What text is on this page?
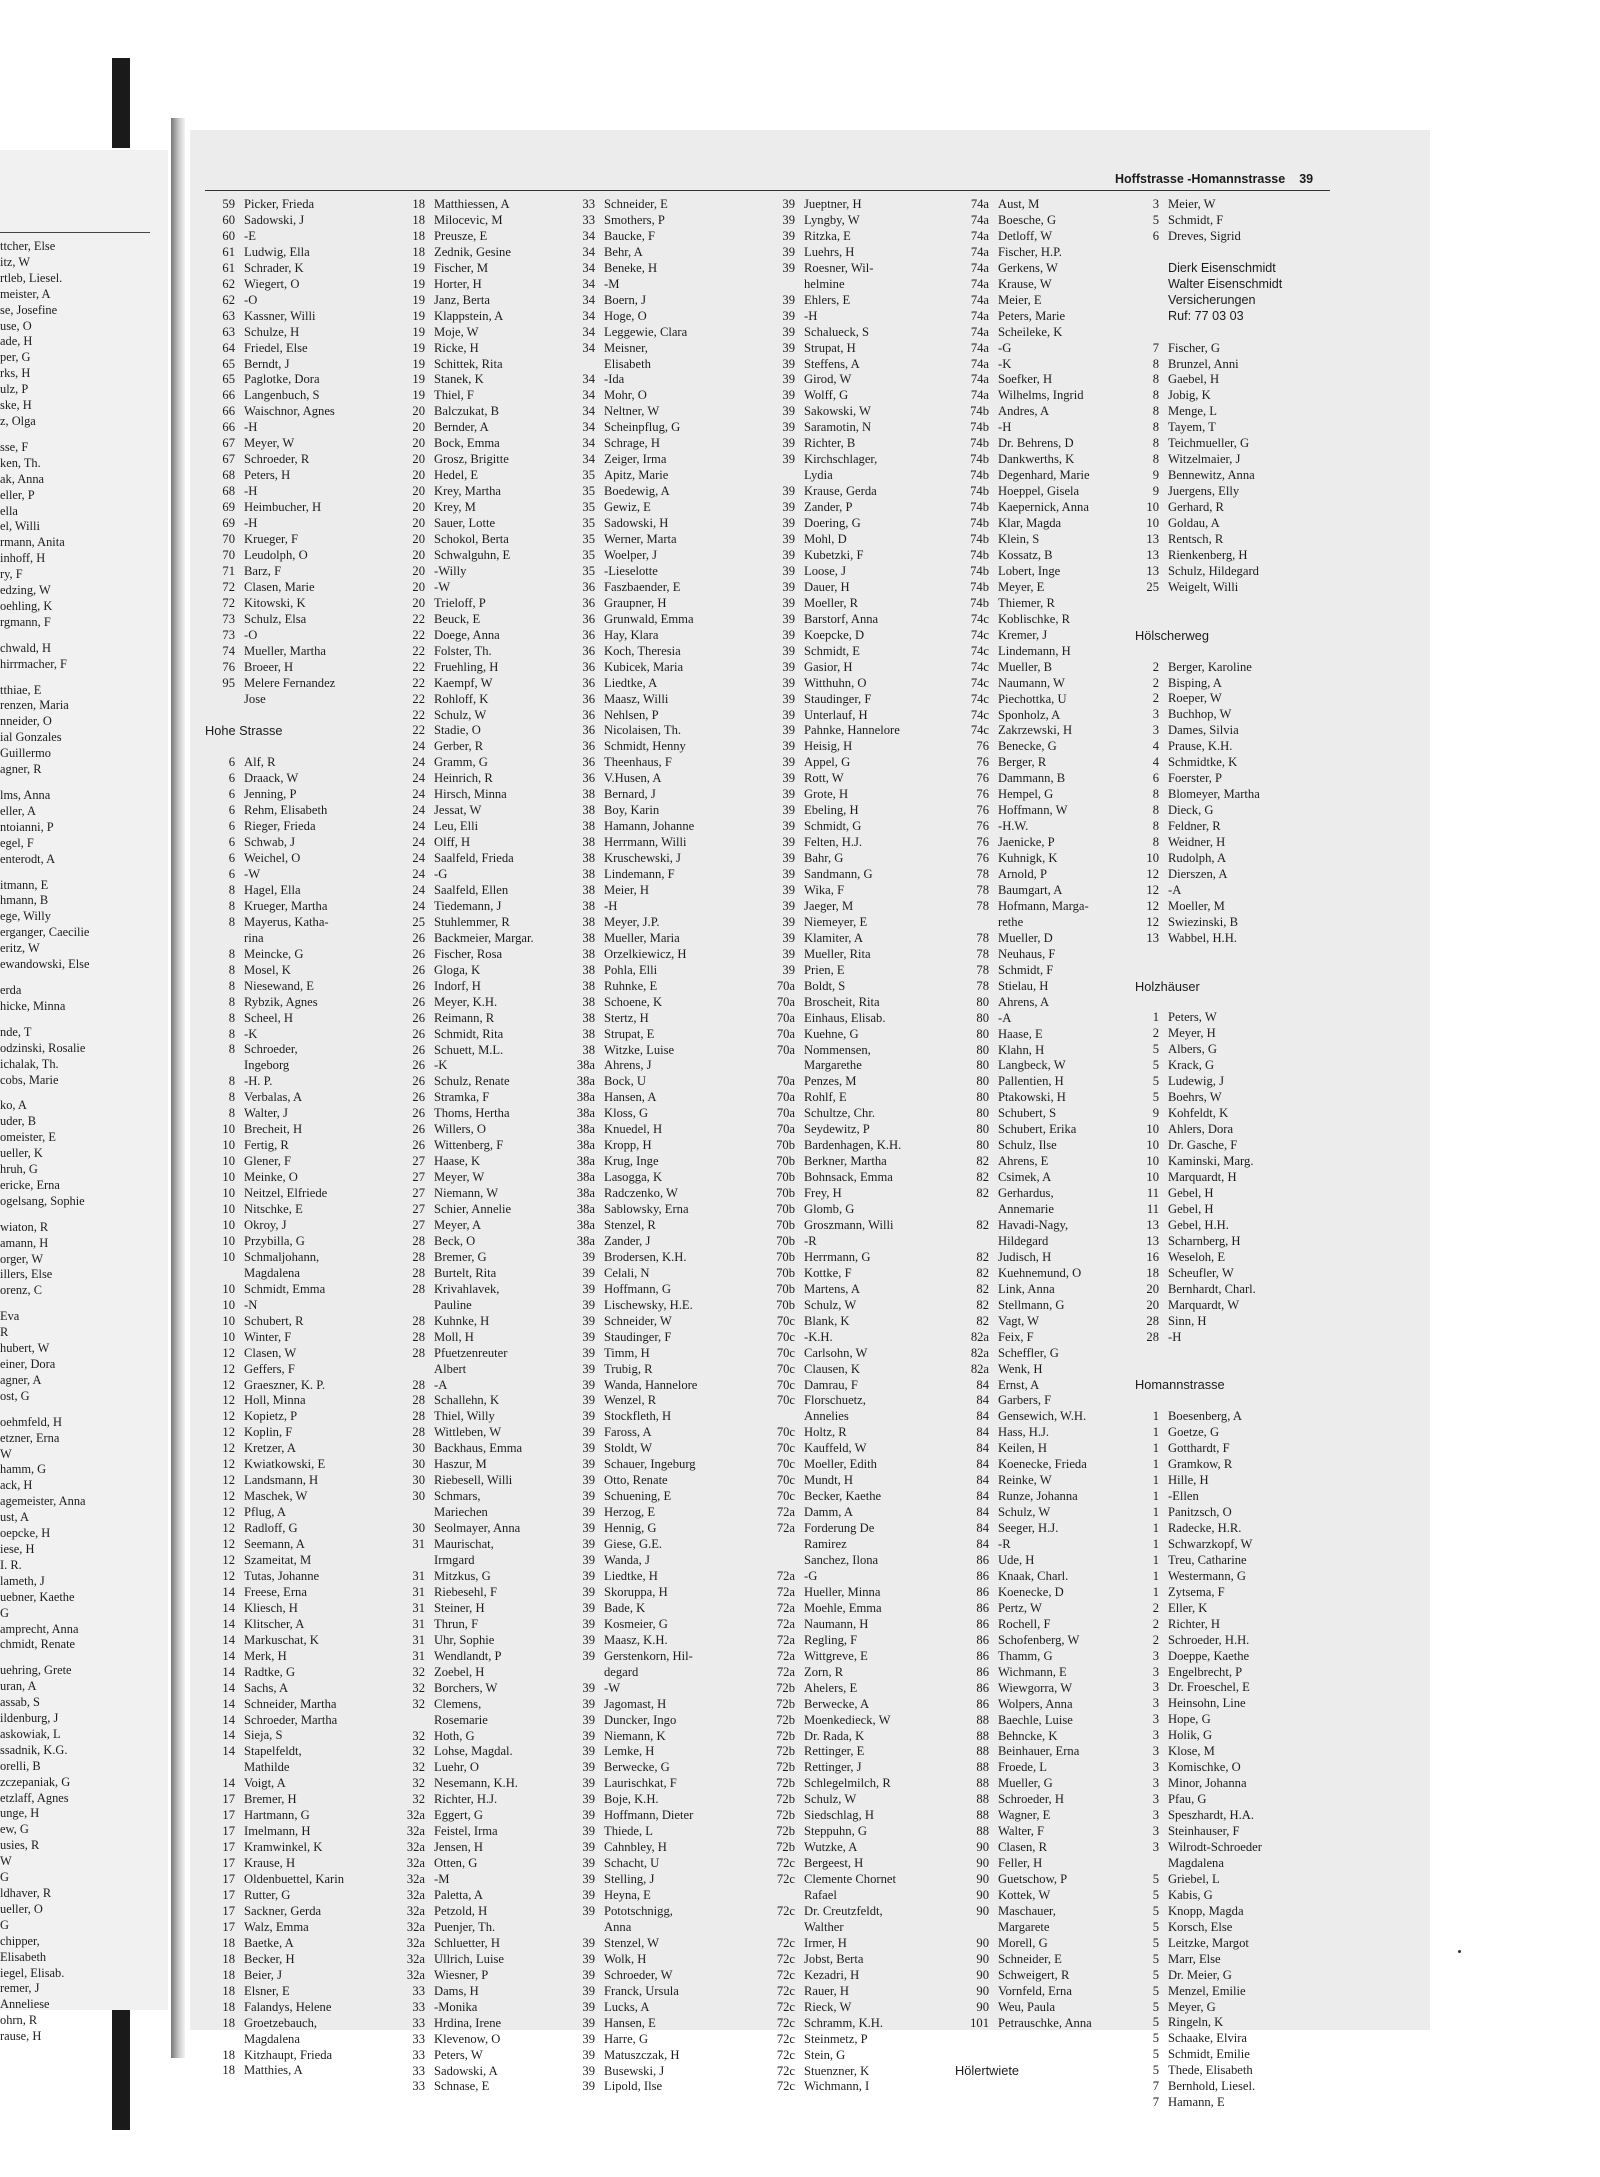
ttcher, Else
itz, W
rtleb, Liesel.
meister, A
se, Josefine
use, O
ade, H
per, G
rks, H
ulz, P
ske, H
z, Olga
sse, F
ken, Th.
ak, Anna
eller, P
ella
el, Willi
rmann, Anita
inhoff, H
ry, F
edzing, W
oehling, K
rgmann, F
chwald, H
hirrmacher, F
tthiae, E
renzen, Maria
nneider, O
ial Gonzales
Guillermo
agner, R
lms, Anna
eller, A
ntoianni, P
egel, F
enterodt, A
itmann, E
hmann, B
ege, Willy
erganger, Caecilie
eritz, W
ewandowski, Else
erda
hicke, Minna
nde, T
odzinski, Rosalie
ichalak, Th.
cobs, Marie
ko, A
uder, B
omeister, E
ueller, K
hruh, G
ericke, Erna
ogelsang, Sophie
wiaton, R
amann, H
orger, W
illers, Else
orenz, C
Eva
R
hubert, W
einer, Dora
agner, A
ost, G
oehmfeld, H
etzner, Erna
W
hamm, G
ack, H
agemeister, Anna
ust, A
oepcke, H
iese, H
I. R.
lameth, J
uebner, Kaethe
G
amprecht, Anna
chmidt, Renate
uehring, Grete
uran, A
assab, S
ildenburg, J
askowiak, L
ssadnik, K.G.
orelli, B
zczepaniak, G
etzlaff, Agnes
unge, H
ew, G
usies, R
W
G
ldhaver, R
ueller, O
G
chipper,
Elisabeth
iegel, Elisab.
remer, J
Anneliese
ohrn, R
rause, H
Hoffstrasse -Homannstrasse 39
59 Picker, Frieda
60 Sadowski, J
60 -E
61 Ludwig, Ella
61 Schrader, K
62 Wiegert, O
62 -O
63 Kassner, Willi
63 Schulze, H
64 Friedel, Else
65 Berndt, J
65 Paglotke, Dora
66 Langenbuch, S
66 Waischnor, Agnes
66 -H
67 Meyer, W
67 Schroeder, R
68 Peters, H
68 -H
69 Heimbucher, H
69 -H
70 Krueger, F
70 Leudolph, O
71 Barz, F
72 Clasen, Marie
72 Kitowski, K
73 Schulz, Elsa
73 -O
74 Mueller, Martha
76 Broeer, H
95 Melere Fernandez
Jose
Hohe Strasse
6 Alf, R
6 Draack, W
6 Jenning, P
6 Rehm, Elisabeth
6 Rieger, Frieda
6 Schwab, J
6 Weichel, O
6 -W
8 Hagel, Ella
8 Krueger, Martha
8 Mayerus, Katha-
rina
8 Meincke, G
8 Mosel, K
8 Niesewand, E
8 Rybzik, Agnes
8 Scheel, H
8 -K
8 Schroeder,
Ingeborg
8 -H. P.
8 Verbalas, A
8 Walter, J
10 Brecheit, H
10 Fertig, R
10 Glener, F
10 Meinke, O
10 Neitzel, Elfriede
10 Nitschke, E
10 Okroy, J
10 Przybilla, G
10 Schmaljohann,
Magdalena
10 Schmidt, Emma
10 -N
10 Schubert, R
10 Winter, F
12 Clasen, W
12 Geffers, F
12 Graeszner, K. P.
12 Holl, Minna
12 Kopietz, P
12 Koplin, F
12 Kretzer, A
12 Kwiatkowski, E
12 Landsmann, H
12 Maschek, W
12 Pflug, A
12 Radloff, G
12 Seemann, A
12 Szameitat, M
12 Tutas, Johanne
14 Freese, Erna
14 Kliesch, H
14 Klitscher, A
14 Markuschat, K
14 Merk, H
14 Radtke, G
14 Sachs, A
14 Schneider, Martha
14 Schroeder, Martha
14 Sieja, S
14 Stapelfeldt,
Mathilde
14 Voigt, A
17 Bremer, H
17 Hartmann, G
17 Imelmann, H
17 Kramwinkel, K
17 Krause, H
17 Oldenbuettel, Karin
17 Rutter, G
17 Sackner, Gerda
17 Walz, Emma
18 Baetke, A
18 Becker, H
18 Beier, J
18 Elsner, E
18 Falandys, Helene
18 Groetzebauch,
Magdalena
18 Kitzhaupt, Frieda
18 Matthies, A
18 Matthiessen, A
18 Milocevic, M
18 Preusze, E
18 Zednik, Gesine
19 Fischer, M
19 Horter, H
19 Janz, Berta
19 Klappstein, A
19 Moje, W
19 Ricke, H
19 Schittek, Rita
19 Stanek, K
19 Thiel, F
20 Balczukat, B
20 Bernder, A
20 Bock, Emma
20 Grosz, Brigitte
20 Hedel, E
20 Krey, Martha
20 Krey, M
20 Sauer, Lotte
20 Schokol, Berta
20 Schwalguhn, E
20 -Willy
20 -W
20 Trieloff, P
22 Beuck, E
22 Doege, Anna
22 Folster, Th.
22 Fruehling, H
22 Kaempf, W
22 Rohloff, K
22 Schulz, W
22 Stadie, O
24 Gerber, R
24 Gramm, G
24 Heinrich, R
24 Hirsch, Minna
24 Jessat, W
24 Leu, Elli
24 Olff, H
24 Saalfeld, Frieda
24 -G
24 Saalfeld, Ellen
24 Tiedemann, J
25 Stuhlemmer, R
26 Backmeier, Margar.
26 Fischer, Rosa
26 Gloga, K
26 Indorf, H
26 Meyer, K.H.
26 Reimann, R
26 Schmidt, Rita
26 Schuett, M.L.
26 -K
26 Schulz, Renate
26 Stramka, F
26 Thoms, Hertha
26 Willers, O
26 Wittenberg, F
27 Haase, K
27 Meyer, W
27 Niemann, W
27 Schier, Annelie
27 Meyer, A
28 Beck, O
28 Bremer, G
28 Burtelt, Rita
28 Krivahlavek,
Pauline
28 Kuhnke, H
28 Moll, H
28 Pfuetzenreuter
Albert
28 -A
28 Schallehn, K
28 Thiel, Willy
28 Wittleben, W
30 Backhaus, Emma
30 Haszur, M
30 Riebesell, Willi
30 Schmars,
Mariechen
30 Seolmayer, Anna
31 Maurischat,
Irmgard
31 Mitzkus, G
31 Riebesehl, F
31 Steiner, H
31 Thrun, F
31 Uhr, Sophie
31 Wendlandt, P
32 Zoebel, H
32 Borchers, W
32 Clemens,
Rosemarie
32 Hoth, G
32 Lohse, Magdal.
32 Luehr, O
32 Nesemann, K.H.
32 Richter, H.J.
32a Eggert, G
32a Feistel, Irma
32a Jensen, H
32a Otten, G
32a -M
32a Paletta, A
32a Petzold, H
32a Puenjer, Th.
32a Schluetter, H
32a Ullrich, Luise
32a Wiesner, P
33 Dams, H
33 -Monika
33 Hrdina, Irene
33 Klevenow, O
33 Peters, W
33 Sadowski, A
33 Schnase, E
33 Schneider, E
33 Smothers, P
34 Baucke, F
34 Behr, A
34 Beneke, H
34 -M
34 Boern, J
34 Hoge, O
34 Leggewie, Clara
34 Meisner,
Elisabeth
34 -Ida
34 Mohr, O
34 Neltner, W
34 Scheinpflug, G
34 Schrage, H
34 Zeiger, Irma
35 Apitz, Marie
35 Boedewig, A
35 Gewiz, E
35 Sadowski, H
35 Werner, Marta
35 Woelper, J
35 -Lieselotte
36 Faszbaender, E
36 Graupner, H
36 Grunwald, Emma
36 Hay, Klara
36 Koch, Theresia
36 Kubicek, Maria
36 Liedtke, A
36 Maasz, Willi
36 Nehlsen, P
36 Nicolaisen, Th.
36 Schmidt, Henny
36 Theenhaus, F
36 V.Husen, A
38 Bernard, J
38 Boy, Karin
38 Hamann, Johanne
38 Herrmann, Willi
38 Kruschewski, J
38 Lindemann, F
38 Meier, H
38 -H
38 Meyer, J.P.
38 Mueller, Maria
38 Orzelkiewicz, H
38 Pohla, Elli
38 Ruhnke, E
38 Schoene, K
38 Stertz, H
38 Strupat, E
38 Witzke, Luise
38a Ahrens, J
38a Bock, U
38a Hansen, A
38a Kloss, G
38a Knuedel, H
38a Kropp, H
38a Krug, Inge
38a Lasogga, K
38a Radczenko, W
38a Sablowsky, Erna
38a Stenzel, R
38a Zander, J
39 Brodersen, K.H.
39 Celali, N
39 Hoffmann, G
39 Lischewsky, H.E.
39 Schneider, W
39 Staudinger, F
39 Timm, H
39 Trubig, R
39 Wanda, Hannelore
39 Wenzel, R
39 Stockfleth, H
39 Faross, A
39 Stoldt, W
39 Schauer, Ingeburg
39 Otto, Renate
39 Schuening, E
39 Herzog, E
39 Hennig, G
39 Giese, G.E.
39 Wanda, J
39 Liedtke, H
39 Skoruppa, H
39 Bade, K
39 Kosmeier, G
39 Maasz, K.H.
39 Gerstenkorn, Hil-
degard
39 -W
39 Jagomast, H
39 Duncker, Ingo
39 Niemann, K
39 Lemke, H
39 Berwecke, G
39 Laurischkat, F
39 Boje, K.H.
39 Hoffmann, Dieter
39 Thiede, L
39 Cahnbley, H
39 Schacht, U
39 Stelling, J
39 Heyna, E
39 Pototschnigg,
Anna
39 Stenzel, W
39 Wolk, H
39 Schroeder, W
39 Franck, Ursula
39 Lucks, A
39 Hansen, E
39 Harre, G
39 Matuszczak, H
39 Busewski, J
39 Lipold, Ilse
39 Jueptner, H
39 Lyngby, W
39 Ritzka, E
39 Luehrs, H
39 Roesner, Wil-
helmine
39 Ehlers, E
39 -H
39 Schalueck, S
39 Strupat, H
39 Steffens, A
39 Girod, W
39 Wolff, G
39 Sakowski, W
39 Saramotin, N
39 Richter, B
39 Kirchschlager,
Lydia
39 Krause, Gerda
39 Zander, P
39 Doering, G
39 Mohl, D
39 Kubetzki, F
39 Loose, J
39 Dauer, H
39 Moeller, R
39 Barstorf, Anna
39 Koepcke, D
39 Schmidt, E
39 Gasior, H
39 Witthuhn, O
39 Staudinger, F
39 Unterlauf, H
39 Pahnke, Hannelore
39 Heisig, H
39 Appel, G
39 Rott, W
39 Grote, H
39 Ebeling, H
39 Schmidt, G
39 Felten, H.J.
39 Bahr, G
39 Sandmann, G
39 Wika, F
39 Jaeger, M
39 Niemeyer, E
39 Klamiter, A
39 Mueller, Rita
39 Prien, E
70a Boldt, S
70a Broscheit, Rita
70a Einhaus, Elisab.
70a Kuehne, G
70a Nommensen,
Margarethe
70a Penzes, M
70a Rohlf, E
70a Schultze, Chr.
70a Seydewitz, P
70b Bardenhagen, K.H.
70b Berkner, Martha
70b Bohnsack, Emma
70b Frey, H
70b Glomb, G
70b Groszmann, Willi
70b -R
70b Herrmann, G
70b Kottke, F
70b Martens, A
70b Schulz, W
70c Blank, K
70c -K.H.
70c Carlsohn, W
70c Clausen, K
70c Damrau, F
70c Florschuetz,
Annelies
70c Holtz, R
70c Kauffeld, W
70c Moeller, Edith
70c Mundt, H
70c Becker, Kaethe
72a Damm, A
72a Forderung De
Ramirez
Sanchez, Ilona
72a -G
72a Hueller, Minna
72a Moehle, Emma
72a Naumann, H
72a Regling, F
72a Wittgreve, E
72a Zorn, R
72b Ahelers, E
72b Berwecke, A
72b Moenkedieck, W
72b Dr. Rada, K
72b Rettinger, E
72b Rettinger, J
72b Schlegelmilch, R
72b Schulz, W
72b Siedschlag, H
72b Steppuhn, G
72b Wutzke, A
72c Bergeest, H
72c Clemente Chornet
Rafael
72c Dr. Creutzfeldt,
Walther
72c Irmer, H
72c Jobst, Berta
72c Kezadri, H
72c Rauer, H
72c Rieck, W
72c Schramm, K.H.
72c Steinmetz, P
72c Stein, G
72c Stuenzner, K
72c Wichmann, I
74a Aust, M
74a Boesche, G
74a Detloff, W
74a Fischer, H.P.
74a Gerkens, W
74a Krause, W
74a Meier, E
74a Peters, Marie
74a Scheileke, K
74a -G
74a -K
74a Soefker, H
74a Wilhelms, Ingrid
74b Andres, A
74b -H
74b Dr. Behrens, D
74b Dankwerths, K
74b Degenhard, Marie
74b Hoeppel, Gisela
74b Kaepernick, Anna
74b Klar, Magda
74b Klein, S
74b Kossatz, B
74b Lobert, Inge
74b Meyer, E
74b Thiemer, R
74c Koblischke, R
74c Kremer, J
74c Lindemann, H
74c Mueller, B
74c Naumann, W
74c Piechottka, U
74c Sponholz, A
74c Zakrzewski, H
76 Benecke, G
76 Berger, R
76 Dammann, B
76 Hempel, G
76 Hoffmann, W
76 -H.W.
76 Jaenicke, P
76 Kuhnigk, K
78 Arnold, P
78 Baumgart, A
78 Hofmann, Marga-
rethe
78 Mueller, D
78 Neuhaus, F
78 Schmidt, F
78 Stielau, H
80 Ahrens, A
80 -A
80 Haase, E
80 Klahn, H
80 Langbeck, W
80 Pallentien, H
80 Ptakowski, H
80 Schubert, S
80 Schubert, Erika
80 Schulz, Ilse
82 Ahrens, E
82 Csimek, A
82 Gerhardus,
Annemarie
82 Havadi-Nagy,
Hildegard
82 Judisch, H
82 Kuehnemund, O
82 Link, Anna
82 Stellmann, G
82 Vagt, W
82a Feix, F
82a Scheffler, G
82a Wenk, H
84 Ernst, A
84 Garbers, F
84 Gensewich, W.H.
84 Hass, H.J.
84 Keilen, H
84 Koenecke, Frieda
84 Reinke, W
84 Runze, Johanna
84 Schulz, W
84 Seeger, H.J.
84 -R
86 Ude, H
86 Knaak, Charl.
86 Koenecke, D
86 Pertz, W
86 Rochell, F
86 Schofenberg, W
86 Thamm, G
86 Wichmann, E
86 Wiewgorra, W
86 Wolpers, Anna
88 Baechle, Luise
88 Behncke, K
88 Beinhauer, Erna
88 Froede, L
88 Mueller, G
88 Schroeder, H
88 Wagner, E
88 Walter, F
90 Clasen, R
90 Feller, H
90 Guetschow, P
90 Kottek, W
90 Maschauer,
Margarete
90 Morell, G
90 Schneider, E
90 Schweigert, R
90 Vornfeld, Erna
90 Weu, Paula
101 Petrauschke, Anna
Hölertwiete
3 Meier, W
5 Schmidt, F
6 Dreves, Sigrid
Dierk Eisenschmidt
Walter Eisenschmidt
Versicherungen
Ruf: 77 03 03
7 Fischer, G
8 Brunzel, Anni
8 Gaebel, H
8 Jobig, K
8 Menge, L
8 Tayem, T
8 Teichmueller, G
8 Witzelmaier, J
9 Bennewitz, Anna
9 Juergens, Elly
10 Gerhard, R
10 Goldau, A
13 Rentsch, R
13 Rienkenberg, H
13 Schulz, Hildegard
25 Weigelt, Willi
Hölscherweg
2 Berger, Karoline
2 Bisping, A
2 Roeper, W
3 Buchhop, W
3 Dames, Silvia
4 Prause, K.H.
4 Schmidtke, K
6 Foerster, P
8 Blomeyer, Martha
8 Dieck, G
8 Feldner, R
8 Weidner, H
10 Rudolph, A
12 Dierszen, A
12 -A
12 Moeller, M
12 Swiezinski, B
13 Wabbel, H.H.
Holzhäuser
1 Peters, W
2 Meyer, H
5 Albers, G
5 Krack, G
5 Ludewig, J
5 Boehrs, W
9 Kohfeldt, K
10 Ahlers, Dora
10 Dr. Gasche, F
10 Kaminski, Marg.
10 Marquardt, H
11 Gebel, H
11 Gebel, H
13 Gebel, H.H.
13 Scharnberg, H
16 Weseloh, E
18 Scheufler, W
20 Bernhardt, Charl.
20 Marquardt, W
28 Sinn, H
28 -H
Homannstrasse
1 Boesenberg, A
1 Goetze, G
1 Gotthardt, F
1 Gramkow, R
1 Hille, H
1 -Ellen
1 Panitzsch, O
1 Radecke, H.R.
1 Schwarzkopf, W
1 Treu, Catharine
1 Westermann, G
1 Zytsema, F
2 Eller, K
2 Richter, H
2 Schroeder, H.H.
3 Doeppe, Kaethe
3 Engelbrecht, P
3 Dr. Froeschel, E
3 Heinsohn, Line
3 Hope, G
3 Holik, G
3 Klose, M
3 Komischke, O
3 Minor, Johanna
3 Pfau, G
3 Speszhardt, H.A.
3 Steinhauser, F
3 Wilrodt-Schroeder
Magdalena
5 Griebel, L
5 Kabis, G
5 Knopp, Magda
5 Korsch, Else
5 Leitzke, Margot
5 Marr, Else
5 Dr. Meier, G
5 Menzel, Emilie
5 Meyer, G
5 Ringeln, K
5 Schaake, Elvira
5 Schmidt, Emilie
5 Thede, Elisabeth
7 Bernhold, Liesel.
7 Hamann, E
